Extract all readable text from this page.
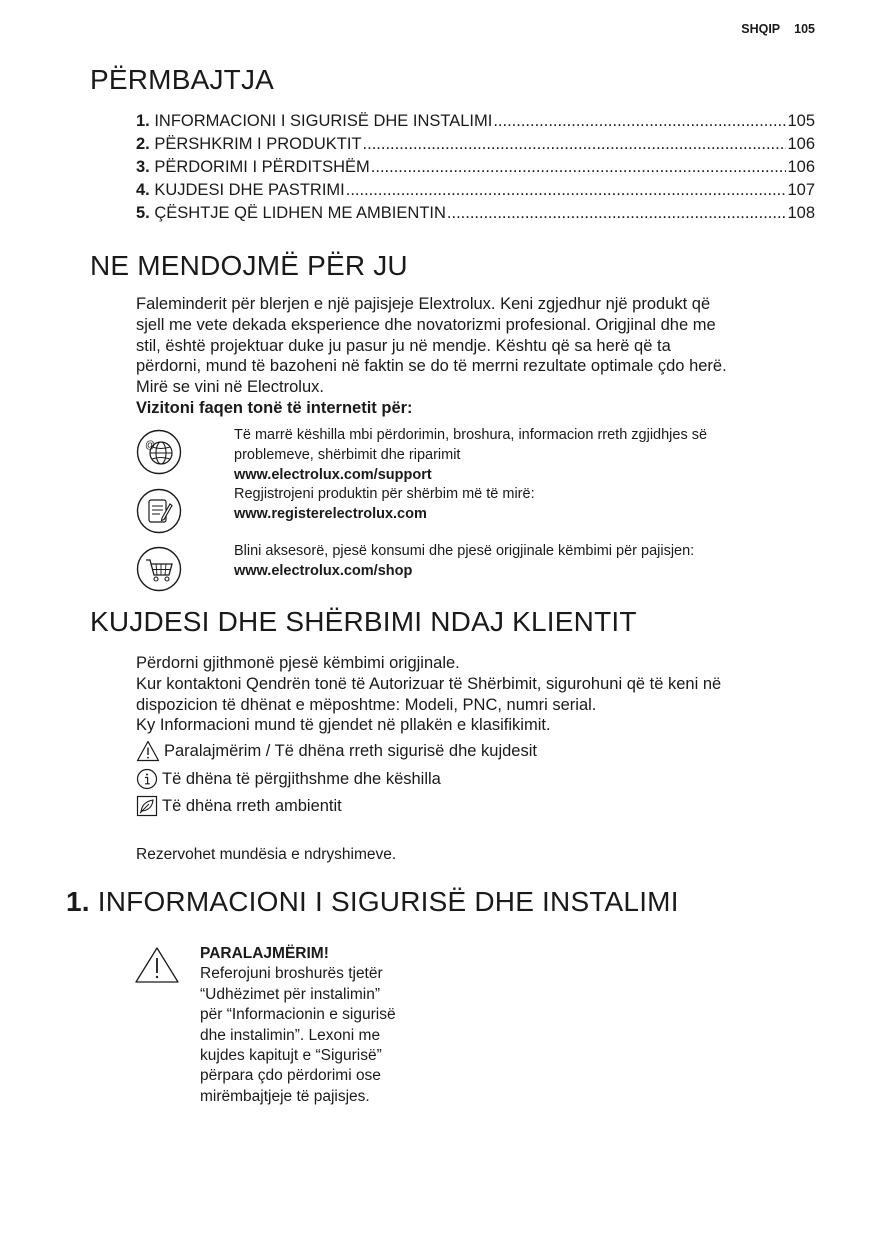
SHQIP 105
PËRMBAJTJA
1. INFORMACIONI I SIGURISË DHE INSTALIMI .....	105
2. PËRSHKRIM I PRODUKTIT .....	106
3. PËRDORIMI I PËRDITSHËM .....	106
4. KUJDESI DHE PASTRIMI .....	107
5. ÇËSHTJE QË LIDHEN ME AMBIENTIN .....	108
NE MENDOJMË PËR JU
Faleminderit për blerjen e një pajisjeje Elextrolux. Keni zgjedhur një produkt që
sjell me vete dekada eksperience dhe novatorizmi profesional. Origjinal dhe me
stil, është projektuar duke ju pasur ju në mendje. Kështu që sa herë që ta
përdorni, mund të bazoheni në faktin se do të merrni rezultate optimale çdo herë.
Mirë se vini në Electrolux.
Vizitoni faqen tonë të internetit për:
@
Të marrë këshilla mbi përdorimin, broshura, informacion rreth zgjidhjes së
problemeve, shërbimit dhe riparimit
www.electrolux.com/support
Regjistrojeni produktin për shërbim më të mirë:
www.registerelectrolux.com
Blini aksesorë, pjesë konsumi dhe pjesë origjinale këmbimi për pajisjen:
www.electrolux.com/shop
KUJDESI DHE SHËRBIMI NDAJ KLIENTIT
Përdorni gjithmonë pjesë këmbimi origjinale.
Kur kontaktoni Qendrën tonë të Autorizuar të Shërbimit, sigurohuni që të keni në
dispozicion të dhënat e mëposhtme: Modeli, PNC, numri serial.
Ky Informacioni mund të gjendet në pllakën e klasifikimit.
Paralajmërim / Të dhëna rreth sigurisë dhe kujdesit
Të dhëna të përgjithshme dhe këshilla
Të dhëna rreth ambientit
Rezervohet mundësia e ndryshimeve.
1. INFORMACIONI I SIGURISË DHE INSTALIMI
PARALAJMËRIM!
Referojuni broshurës tjetër
“Udhëzimet për instalimin”
për “Informacionin e sigurisë
dhe instalimin”. Lexoni me
kujdes kapitujt e “Sigurisë”
përpara çdo përdorimi ose
mirëmbajtjeje të pajisjes.
